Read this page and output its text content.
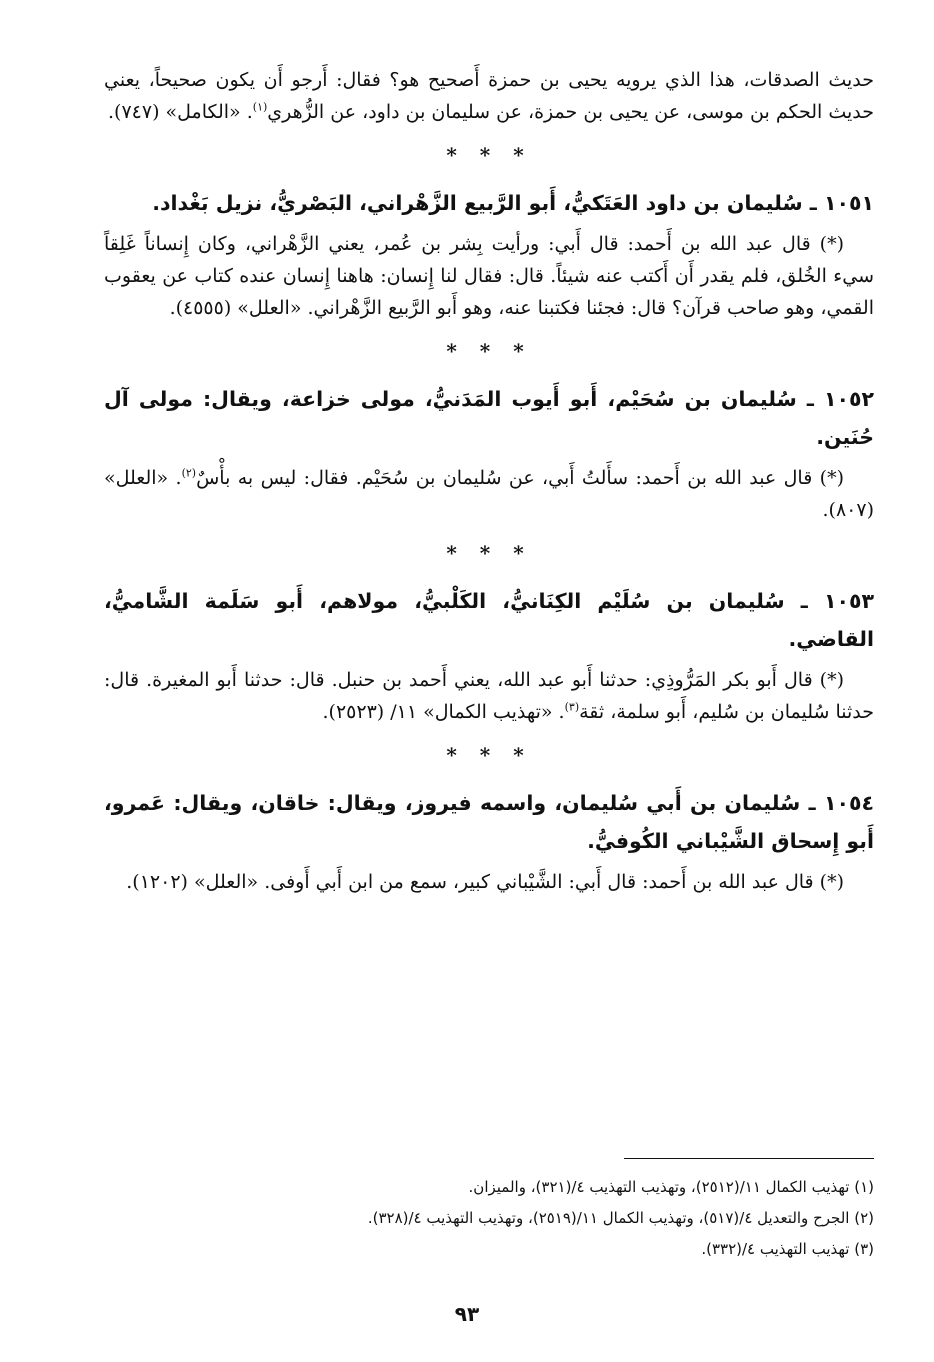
حديث الصدقات، هذا الذي يرويه يحيى بن حمزة أَصحيح هو؟ فقال: أَرجو أَن يكون صحيحاً، يعني حديث الحكم بن موسى، عن يحيى بن حمزة، عن سليمان بن داود، عن الزُّهري$^{(١)}$. «الكامل» (٧٤٧).

* * *

١٠٥١ ـ سُليمان بن داود العَتَكيُّ، أَبو الرَّبيع الزَّهْراني، البَصْريُّ، نزيل بَغْداد.

(*) قال عبد الله بن أَحمد: قال أَبي: ورأيت بِشر بن عُمر، يعني الزَّهْراني، وكان إِنساناً غَلِقاً سيء الخُلق، فلم يقدر أَن أَكتب عنه شيئاً. قال: فقال لنا إِنسان: هاهنا إِنسان عنده كتاب عن يعقوب القمي، وهو صاحب قرآن؟ قال: فجئنا فكتبنا عنه، وهو أَبو الرَّبيع الزَّهْراني. «العلل» (٤٥٥٥).

* * *

١٠٥٢ ـ سُليمان بن سُحَيْم، أَبو أَيوب المَدَنيُّ، مولى خزاعة، ويقال: مولى آل حُنَين.

(*) قال عبد الله بن أَحمد: سأَلتُ أَبي، عن سُليمان بن سُحَيْم. فقال: ليس به بأْسٌ$^{(٢)}$. «العلل» (٨٠٧).

* * *

١٠٥٣ ـ سُليمان بن سُلَيْم الكِنَانيُّ، الكَلْبيُّ، مولاهم، أَبو سَلَمة الشَّاميُّ، القاضي.

(*) قال أَبو بكر المَرُّوذِي: حدثنا أَبو عبد الله، يعني أَحمد بن حنبل. قال: حدثنا أَبو المغيرة. قال: حدثنا سُليمان بن سُليم، أَبو سلمة، ثقة$^{(٣)}$. «تهذيب الكمال» ١١/ (٢٥٢٣).

* * *

١٠٥٤ ـ سُليمان بن أَبي سُليمان، واسمه فيروز، ويقال: خاقان، ويقال: عَمرو، أَبو إِسحاق الشَّيْباني الكُوفيُّ.

(*) قال عبد الله بن أَحمد: قال أَبي: الشَّيْباني كبير، سمع من ابن أَبي أَوفى. «العلل» (١٢٠٢).

(١) تهذيب الكمال ١١/(٢٥١٢)، وتهذيب التهذيب ٤/(٣٢١)، والميزان.
(٢) الجرح والتعديل ٤/(٥١٧)، وتهذيب الكمال ١١/(٢٥١٩)، وتهذيب التهذيب ٤/(٣٢٨).
(٣) تهذيب التهذيب ٤/(٣٣٢).
٩٣
